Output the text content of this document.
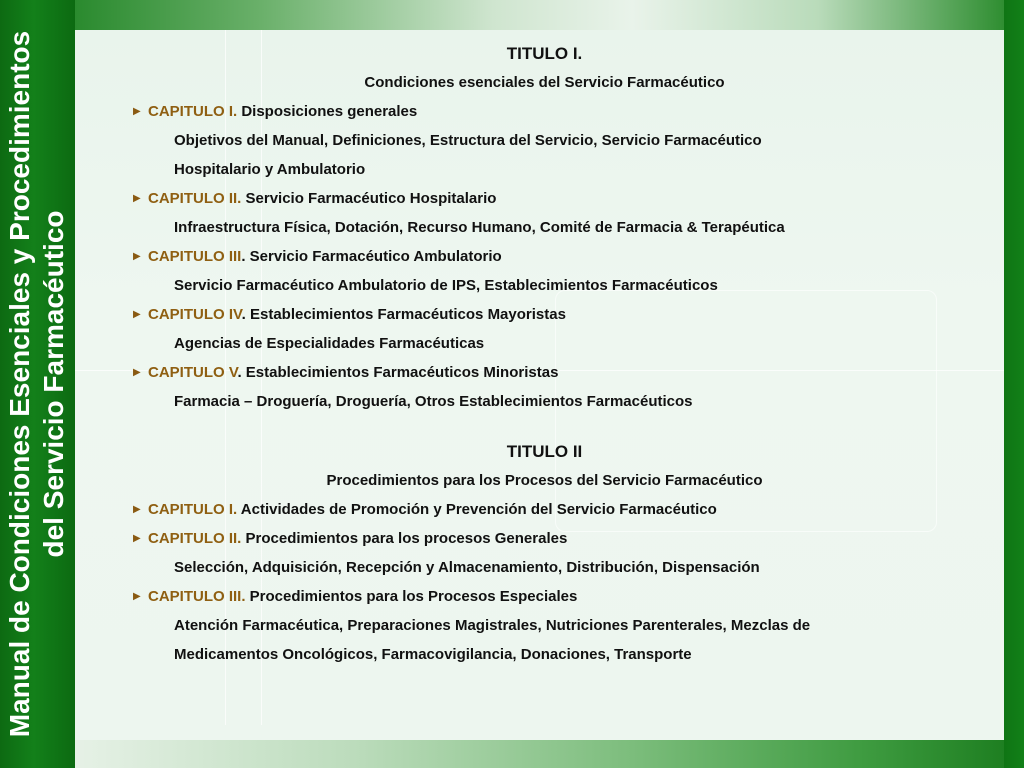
Manual de Condiciones Esenciales y Procedimientos del Servicio Farmacéutico
TITULO I.
Condiciones esenciales del Servicio Farmacéutico
▶ CAPITULO I. Disposiciones generales
Objetivos del Manual, Definiciones, Estructura del Servicio, Servicio Farmacéutico
Hospitalario y Ambulatorio
▶ CAPITULO II. Servicio Farmacéutico Hospitalario
Infraestructura Física, Dotación, Recurso Humano, Comité de Farmacia & Terapéutica
▶ CAPITULO III. Servicio Farmacéutico Ambulatorio
Servicio Farmacéutico Ambulatorio de IPS, Establecimientos Farmacéuticos
▶ CAPITULO IV. Establecimientos Farmacéuticos Mayoristas
Agencias de Especialidades Farmacéuticas
▶ CAPITULO V. Establecimientos Farmacéuticos Minoristas
Farmacia – Droguería, Droguería, Otros Establecimientos Farmacéuticos
TITULO II
Procedimientos para los Procesos del Servicio Farmacéutico
▶ CAPITULO I. Actividades de Promoción y Prevención del Servicio Farmacéutico
▶ CAPITULO II. Procedimientos para los procesos Generales
Selección, Adquisición, Recepción y Almacenamiento, Distribución, Dispensación
▶ CAPITULO III. Procedimientos para los Procesos Especiales
Atención Farmacéutica, Preparaciones Magistrales, Nutriciones Parenterales, Mezclas de
Medicamentos Oncológicos, Farmacovigilancia, Donaciones, Transporte
